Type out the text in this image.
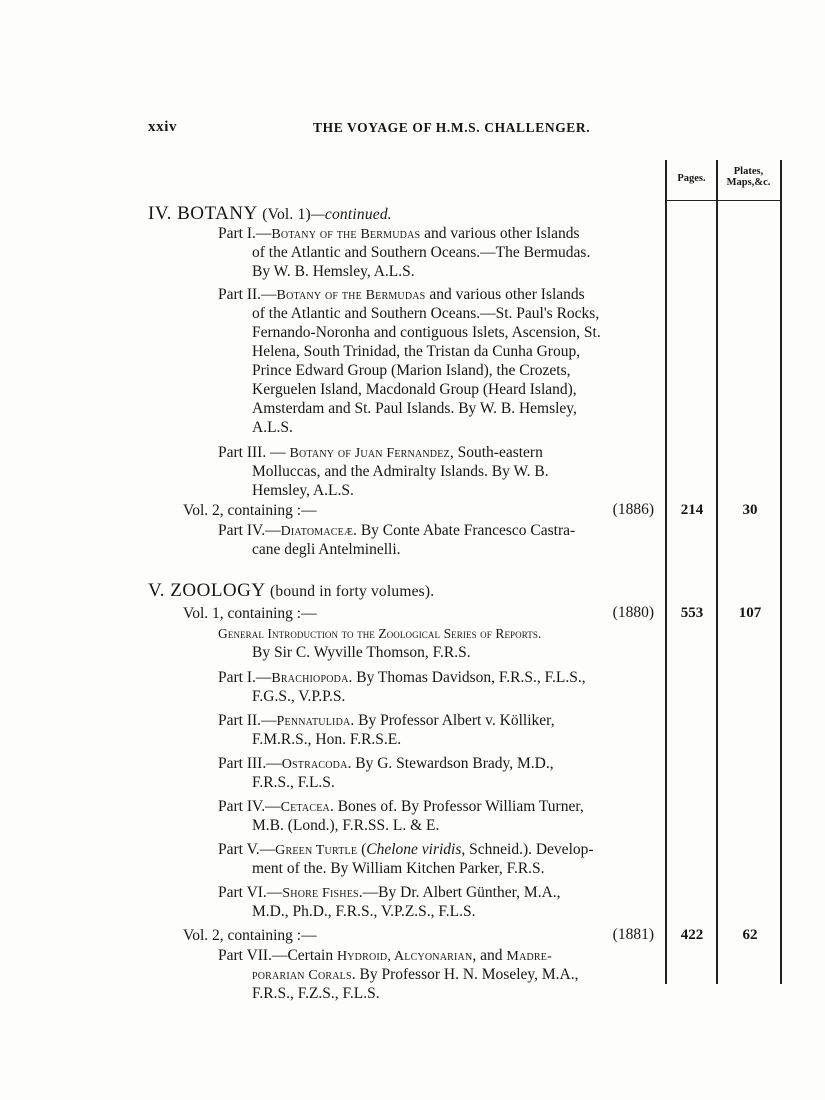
xxiv	THE VOYAGE OF H.M.S. CHALLENGER.
Pages.
Plates,
Maps,&c.
IV. BOTANY (Vol. 1)—continued.
Part I.—Botany of the Bermudas and various other Islands
of the Atlantic and Southern Oceans.—The Bermudas.
By W. B. Hemsley, A.L.S.
Part II.—Botany of the Bermudas and various other Islands
of the Atlantic and Southern Oceans.—St. Paul's Rocks,
Fernando-Noronha and contiguous Islets, Ascension, St.
Helena, South Trinidad, the Tristan da Cunha Group,
Prince Edward Group (Marion Island), the Crozets,
Kerguelen Island, Macdonald Group (Heard Island),
Amsterdam and St. Paul Islands. By W. B. Hemsley,
A.L.S.
Part III. — Botany of Juan Fernandez, South-eastern
Molluccas, and the Admiralty Islands. By W. B.
Hemsley, A.L.S.
Vol. 2, containing :—	(1886)	214	30
Part IV.—Diatomaceæ. By Conte Abate Francesco Castra-
cane degli Antelminelli.
V. ZOOLOGY (bound in forty volumes).
Vol. 1, containing :—	(1880)	553	107
General Introduction to the Zoological Series of Reports.
By Sir C. Wyville Thomson, F.R.S.
Part I.—Brachiopoda. By Thomas Davidson, F.R.S., F.L.S.,
F.G.S., V.P.P.S.
Part II.—Pennatulida. By Professor Albert v. Kölliker,
F.M.R.S., Hon. F.R.S.E.
Part III.—Ostracoda. By G. Stewardson Brady, M.D.,
F.R.S., F.L.S.
Part IV.—Cetacea. Bones of. By Professor William Turner,
M.B. (Lond.), F.R.SS. L. & E.
Part V.—Green Turtle (Chelone viridis, Schneid.). Develop-
ment of the. By William Kitchen Parker, F.R.S.
Part VI.—Shore Fishes.—By Dr. Albert Günther, M.A.,
M.D., Ph.D., F.R.S., V.P.Z.S., F.L.S.
Vol. 2, containing :—	(1881)	422	62
Part VII.—Certain Hydroid, Alcyonarian, and Madre-
porarian Corals. By Professor H. N. Moseley, M.A.,
F.R.S., F.Z.S., F.L.S.
